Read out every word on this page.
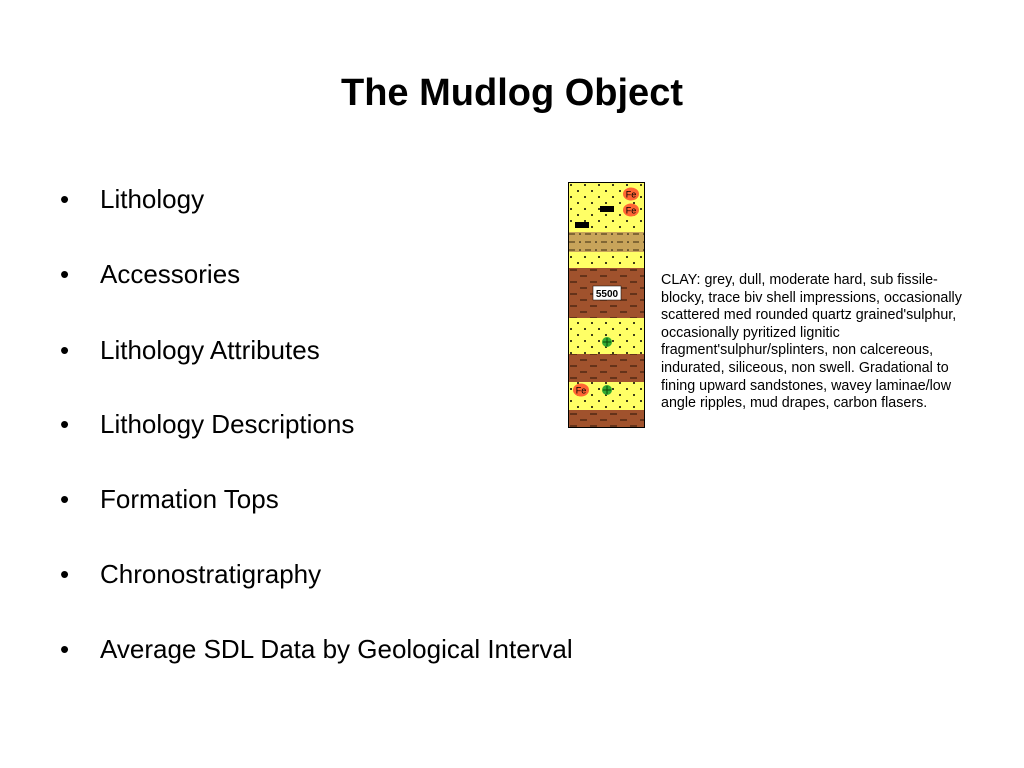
The Mudlog Object
• Lithology
• Accessories
• Lithology Attributes
• Lithology Descriptions
• Formation Tops
• Chronostratigraphy
• Average SDL Data by Geological Interval
Fe
Fe
5500
Fe
CLAY: grey, dull, moderate hard, sub fissile-blocky, trace biv shell impressions, occasionally scattered med rounded quartz grained'sulphur, occasionally pyritized lignitic fragment'sulphur/splinters, non calcereous, indurated, siliceous, non swell. Gradational to fining upward sandstones, wavey laminae/low angle ripples, mud drapes, carbon flasers.
